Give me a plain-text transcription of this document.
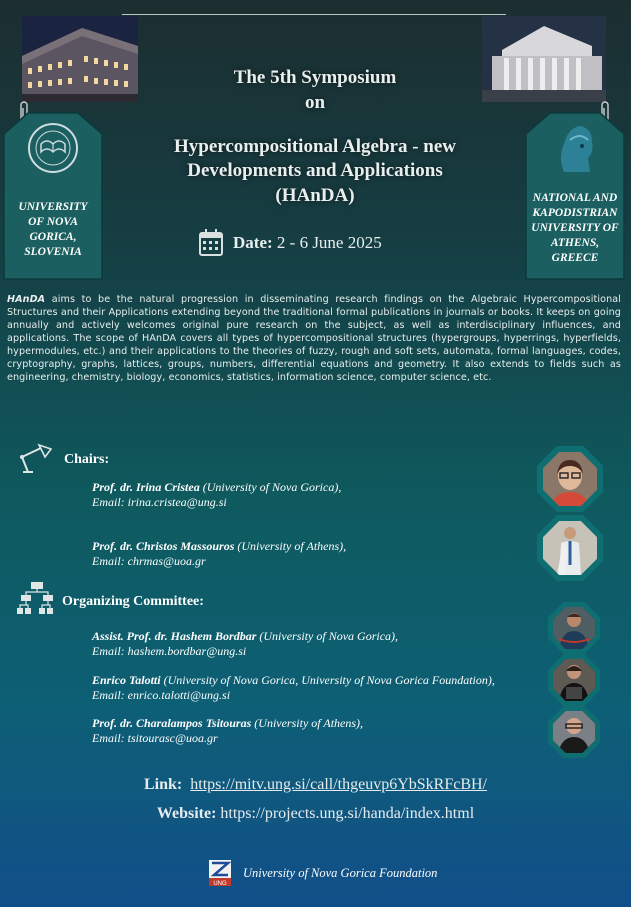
UNIVERSITY
OF NOVA
GORICA,
SLOVENIA
NATIONAL AND
KAPODISTRIAN
UNIVERSITY OF
ATHENS,
GREECE
The 5th Symposium
on
Hypercompositional Algebra - new
Developments and Applications
(HAnDA)
Date: 2 - 6 June 2025
HAnDA aims to be the natural progression in disseminating research findings on the Algebraic Hypercompositional Structures and their Applications extending beyond the traditional formal publications in journals or books. It keeps on going annually and actively welcomes original pure research on the subject, as well as interdisciplinary influences, and applications. The scope of HAnDA covers all types of hypercompositional structures (hypergroups, hyperrings, hyperfields, hypermodules, etc.) and their applications to the theories of fuzzy, rough and soft sets, automata, formal languages, codes, cryptography, graphs, lattices, groups, numbers, differential equations and geometry. It also extends to fields such as engineering, chemistry, biology, economics, statistics, information science, computer science, etc.
Chairs:
Prof. dr. Irina Cristea (University of Nova Gorica),
Email: irina.cristea@ung.si
Prof. dr. Christos Massouros (University of Athens),
Email: chrmas@uoa.gr
Organizing Committee:
Assist. Prof. dr. Hashem Bordbar (University of Nova Gorica),
Email: hashem.bordbar@ung.si
Enrico Talotti (University of Nova Gorica, University of Nova Gorica Foundation),
Email: enrico.talotti@ung.si
Prof. dr. Charalampos Tsitouras (University of Athens),
Email: tsitourasc@uoa.gr
Link: https://mitv.ung.si/call/thgeuvp6YbSkRFcBH/
Website: https://projects.ung.si/handa/index.html
UNG
University of Nova Gorica Foundation
